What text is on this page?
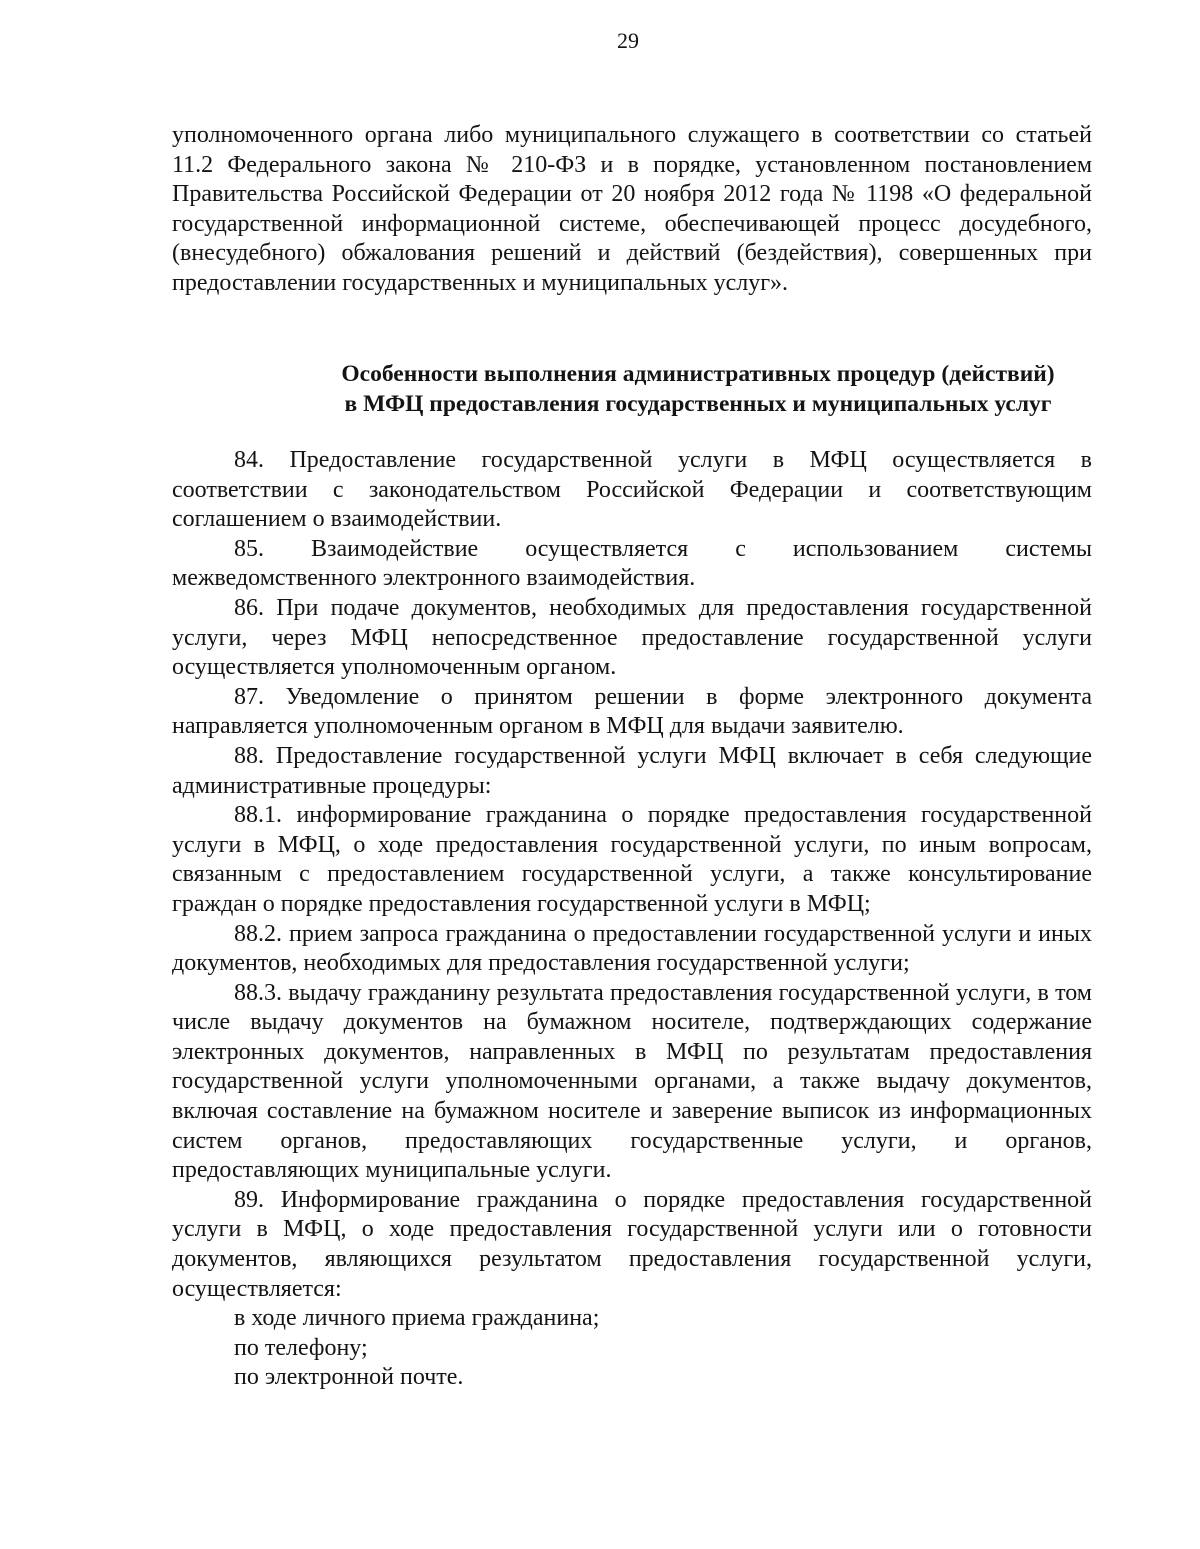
29

уполномоченного органа либо муниципального служащего в соответствии со статьей 11.2 Федерального закона № 210-ФЗ и в порядке, установленном постановлением Правительства Российской Федерации от 20 ноября 2012 года № 1198 «О федеральной государственной информационной системе, обеспечивающей процесс досудебного, (внесудебного) обжалования решений и действий (бездействия), совершенных при предоставлении государственных и муниципальных услуг».

Особенности выполнения административных процедур (действий)
в МФЦ предоставления государственных и муниципальных услуг

84. Предоставление государственной услуги в МФЦ осуществляется в соответствии с законодательством Российской Федерации и соответствующим соглашением о взаимодействии.

85. Взаимодействие осуществляется с использованием системы межведомственного электронного взаимодействия.

86. При подаче документов, необходимых для предоставления государственной услуги, через МФЦ непосредственное предоставление государственной услуги осуществляется уполномоченным органом.

87. Уведомление о принятом решении в форме электронного документа направляется уполномоченным органом в МФЦ для выдачи заявителю.

88. Предоставление государственной услуги МФЦ включает в себя следующие административные процедуры:

88.1. информирование гражданина о порядке предоставления государственной услуги в МФЦ, о ходе предоставления государственной услуги, по иным вопросам, связанным с предоставлением государственной услуги, а также консультирование граждан о порядке предоставления государственной услуги в МФЦ;

88.2. прием запроса гражданина о предоставлении государственной услуги и иных документов, необходимых для предоставления государственной услуги;

88.3. выдачу гражданину результата предоставления государственной услуги, в том числе выдачу документов на бумажном носителе, подтверждающих содержание электронных документов, направленных в МФЦ по результатам предоставления государственной услуги уполномоченными органами, а также выдачу документов, включая составление на бумажном носителе и заверение выписок из информационных систем органов, предоставляющих государственные услуги, и органов, предоставляющих муниципальные услуги.

89. Информирование гражданина о порядке предоставления государственной услуги в МФЦ, о ходе предоставления государственной услуги или о готовности документов, являющихся результатом предоставления государственной услуги, осуществляется:

в ходе личного приема гражданина;

по телефону;

по электронной почте.
